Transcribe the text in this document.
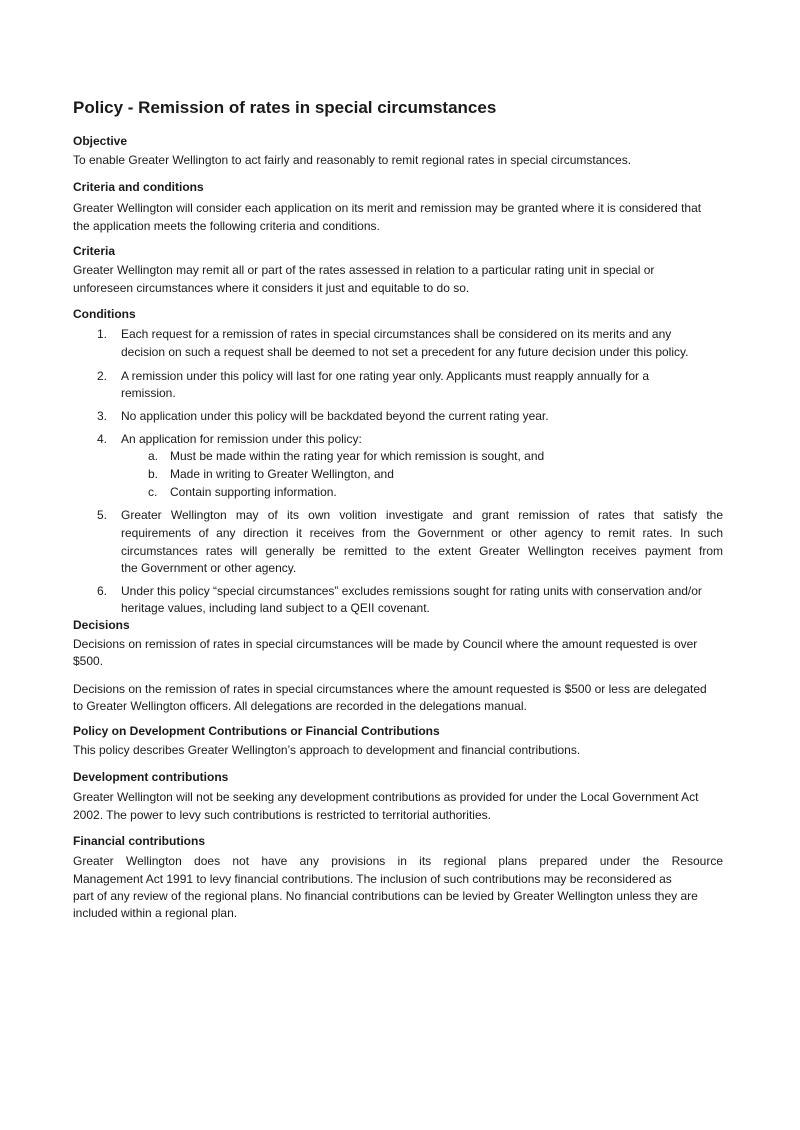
Policy - Remission of rates in special circumstances
Objective
To enable Greater Wellington to act fairly and reasonably to remit regional rates in special circumstances.
Criteria and conditions
Greater Wellington will consider each application on its merit and remission may be granted where it is considered that
the application meets the following criteria and conditions.
Criteria
Greater Wellington may remit all or part of the rates assessed in relation to a particular rating unit in special or
unforeseen circumstances where it considers it just and equitable to do so.
Conditions
1. Each request for a remission of rates in special circumstances shall be considered on its merits and any
decision on such a request shall be deemed to not set a precedent for any future decision under this policy.
2. A remission under this policy will last for one rating year only. Applicants must reapply annually for a
remission.
3. No application under this policy will be backdated beyond the current rating year.
4. An application for remission under this policy:
a. Must be made within the rating year for which remission is sought, and
b. Made in writing to Greater Wellington, and
c. Contain supporting information.
5. Greater Wellington may of its own volition investigate and grant remission of rates that satisfy the
requirements of any direction it receives from the Government or other agency to remit rates. In such
circumstances rates will generally be remitted to the extent Greater Wellington receives payment from
the Government or other agency.
6. Under this policy “special circumstances” excludes remissions sought for rating units with conservation and/or
heritage values, including land subject to a QEII covenant.
Decisions
Decisions on remission of rates in special circumstances will be made by Council where the amount requested is over
$500.
Decisions on the remission of rates in special circumstances where the amount requested is $500 or less are delegated
to Greater Wellington officers. All delegations are recorded in the delegations manual.
Policy on Development Contributions or Financial Contributions
This policy describes Greater Wellington’s approach to development and financial contributions.
Development contributions
Greater Wellington will not be seeking any development contributions as provided for under the Local Government Act
2002. The power to levy such contributions is restricted to territorial authorities.
Financial contributions
Greater Wellington does not have any provisions in its regional plans prepared under the Resource
Management Act 1991 to levy financial contributions. The inclusion of such contributions may be reconsidered as
part of any review of the regional plans. No financial contributions can be levied by Greater Wellington unless they are
included within a regional plan.
